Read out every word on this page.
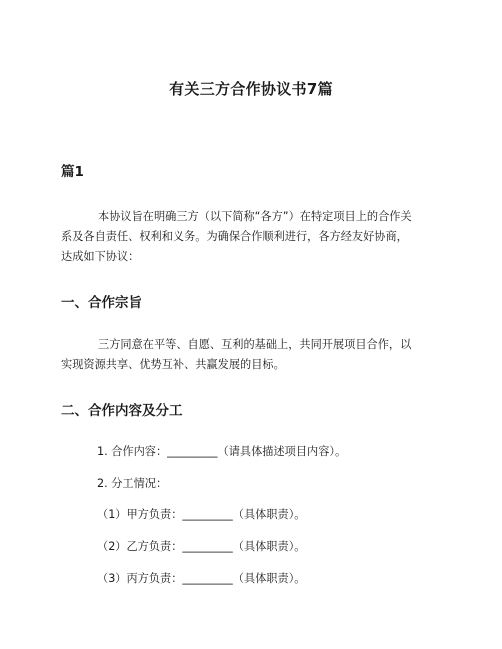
有关三方合作协议书7篇
篇1
本协议旨在明确三方（以下简称“各方”）在特定项目上的合作关
系及各自责任、权利和义务。为确保合作顺利进行，各方经友好协商，
达成如下协议：
一、合作宗旨
三方同意在平等、自愿、互利的基础上，共同开展项目合作，以
实现资源共享、优势互补、共赢发展的目标。
二、合作内容及分工
1. 合作内容：_________（请具体描述项目内容）。
2. 分工情况：
（1）甲方负责：_________（具体职责）。
（2）乙方负责：_________（具体职责）。
（3）丙方负责：_________（具体职责）。
